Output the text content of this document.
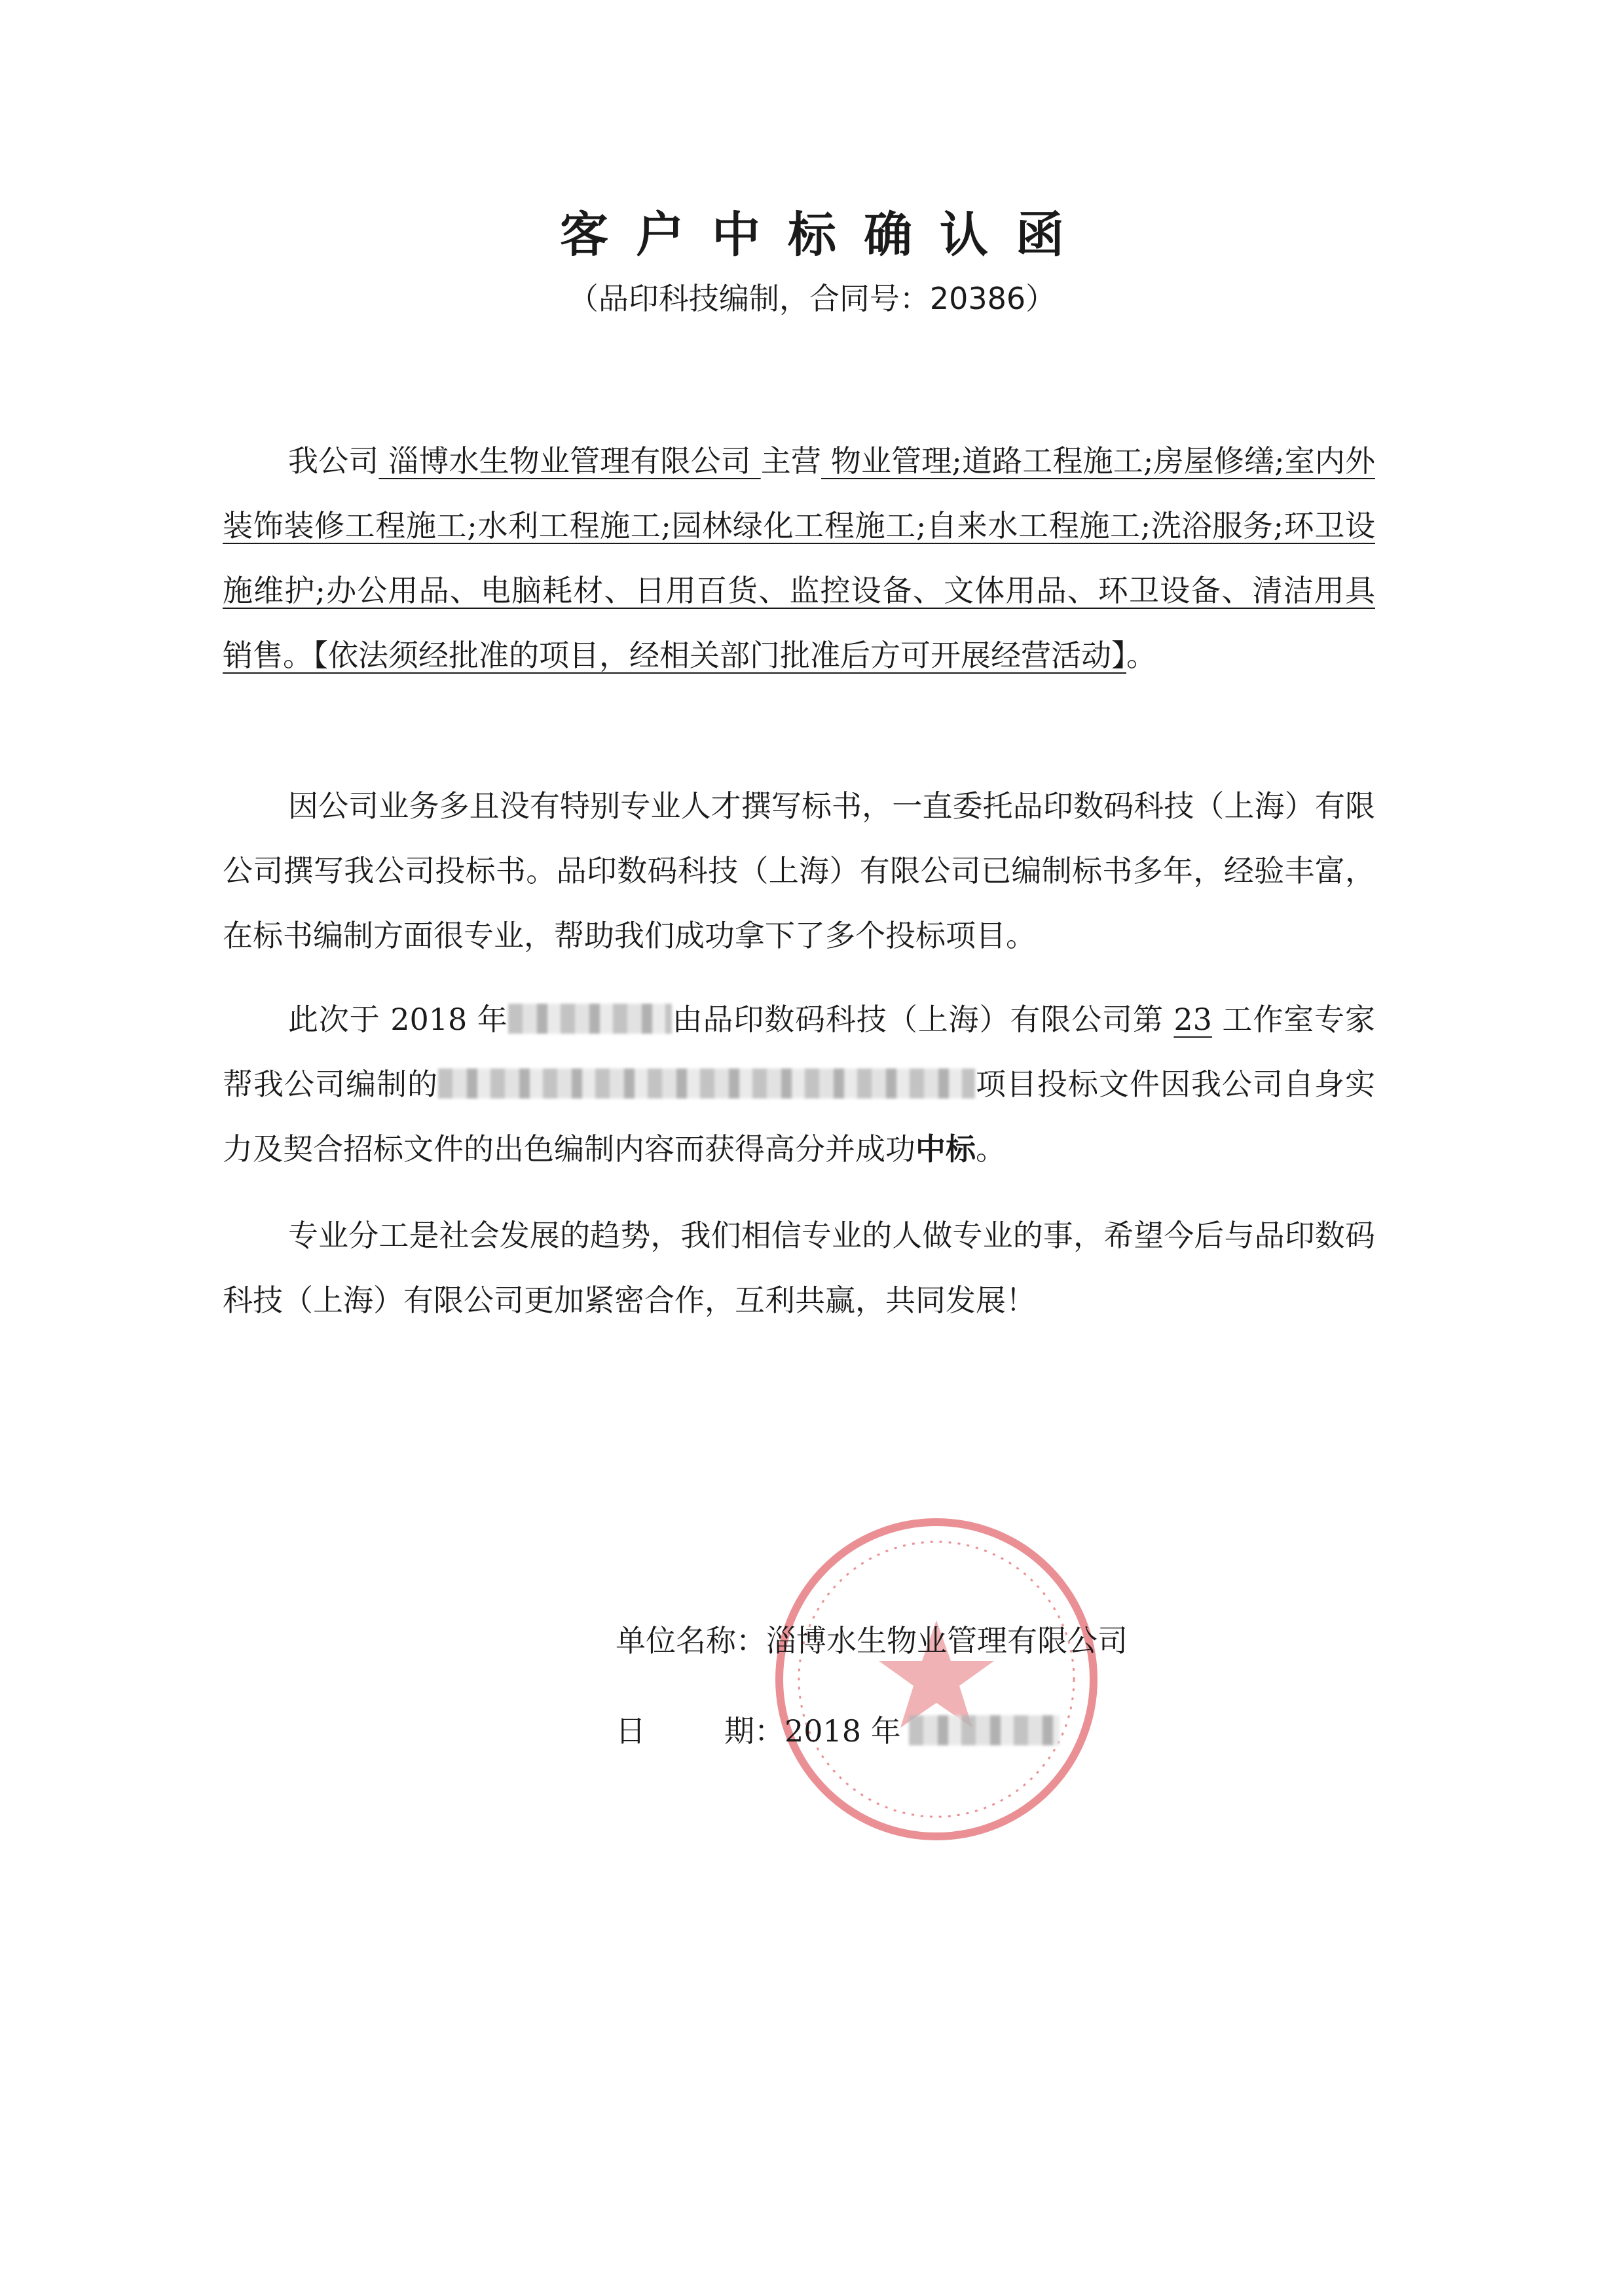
客户中标确认函
（品印科技编制，合同号：20386）

我公司 淄博水生物业管理有限公司 主营 物业管理;道路工程施工;房屋修缮;室内外装饰装修工程施工;水利工程施工;园林绿化工程施工;自来水工程施工;洗浴服务;环卫设施维护;办公用品、电脑耗材、日用百货、监控设备、文体用品、环卫设备、清洁用具销售。【依法须经批准的项目，经相关部门批准后方可开展经营活动】。

因公司业务多且没有特别专业人才撰写标书，一直委托品印数码科技（上海）有限公司撰写我公司投标书。品印数码科技（上海）有限公司已编制标书多年，经验丰富，在标书编制方面很专业，帮助我们成功拿下了多个投标项目。

此次于 2018 年	由品印数码科技（上海）有限公司第 23 工作室专家帮我公司编制的	项目投标文件因我公司自身实力及契合招标文件的出色编制内容而获得高分并成功中标。

专业分工是社会发展的趋势，我们相信专业的人做专业的事，希望今后与品印数码科技（上海）有限公司更加紧密合作，互利共赢，共同发展！

单位名称：淄博水生物业管理有限公司
日	期：2018 年
